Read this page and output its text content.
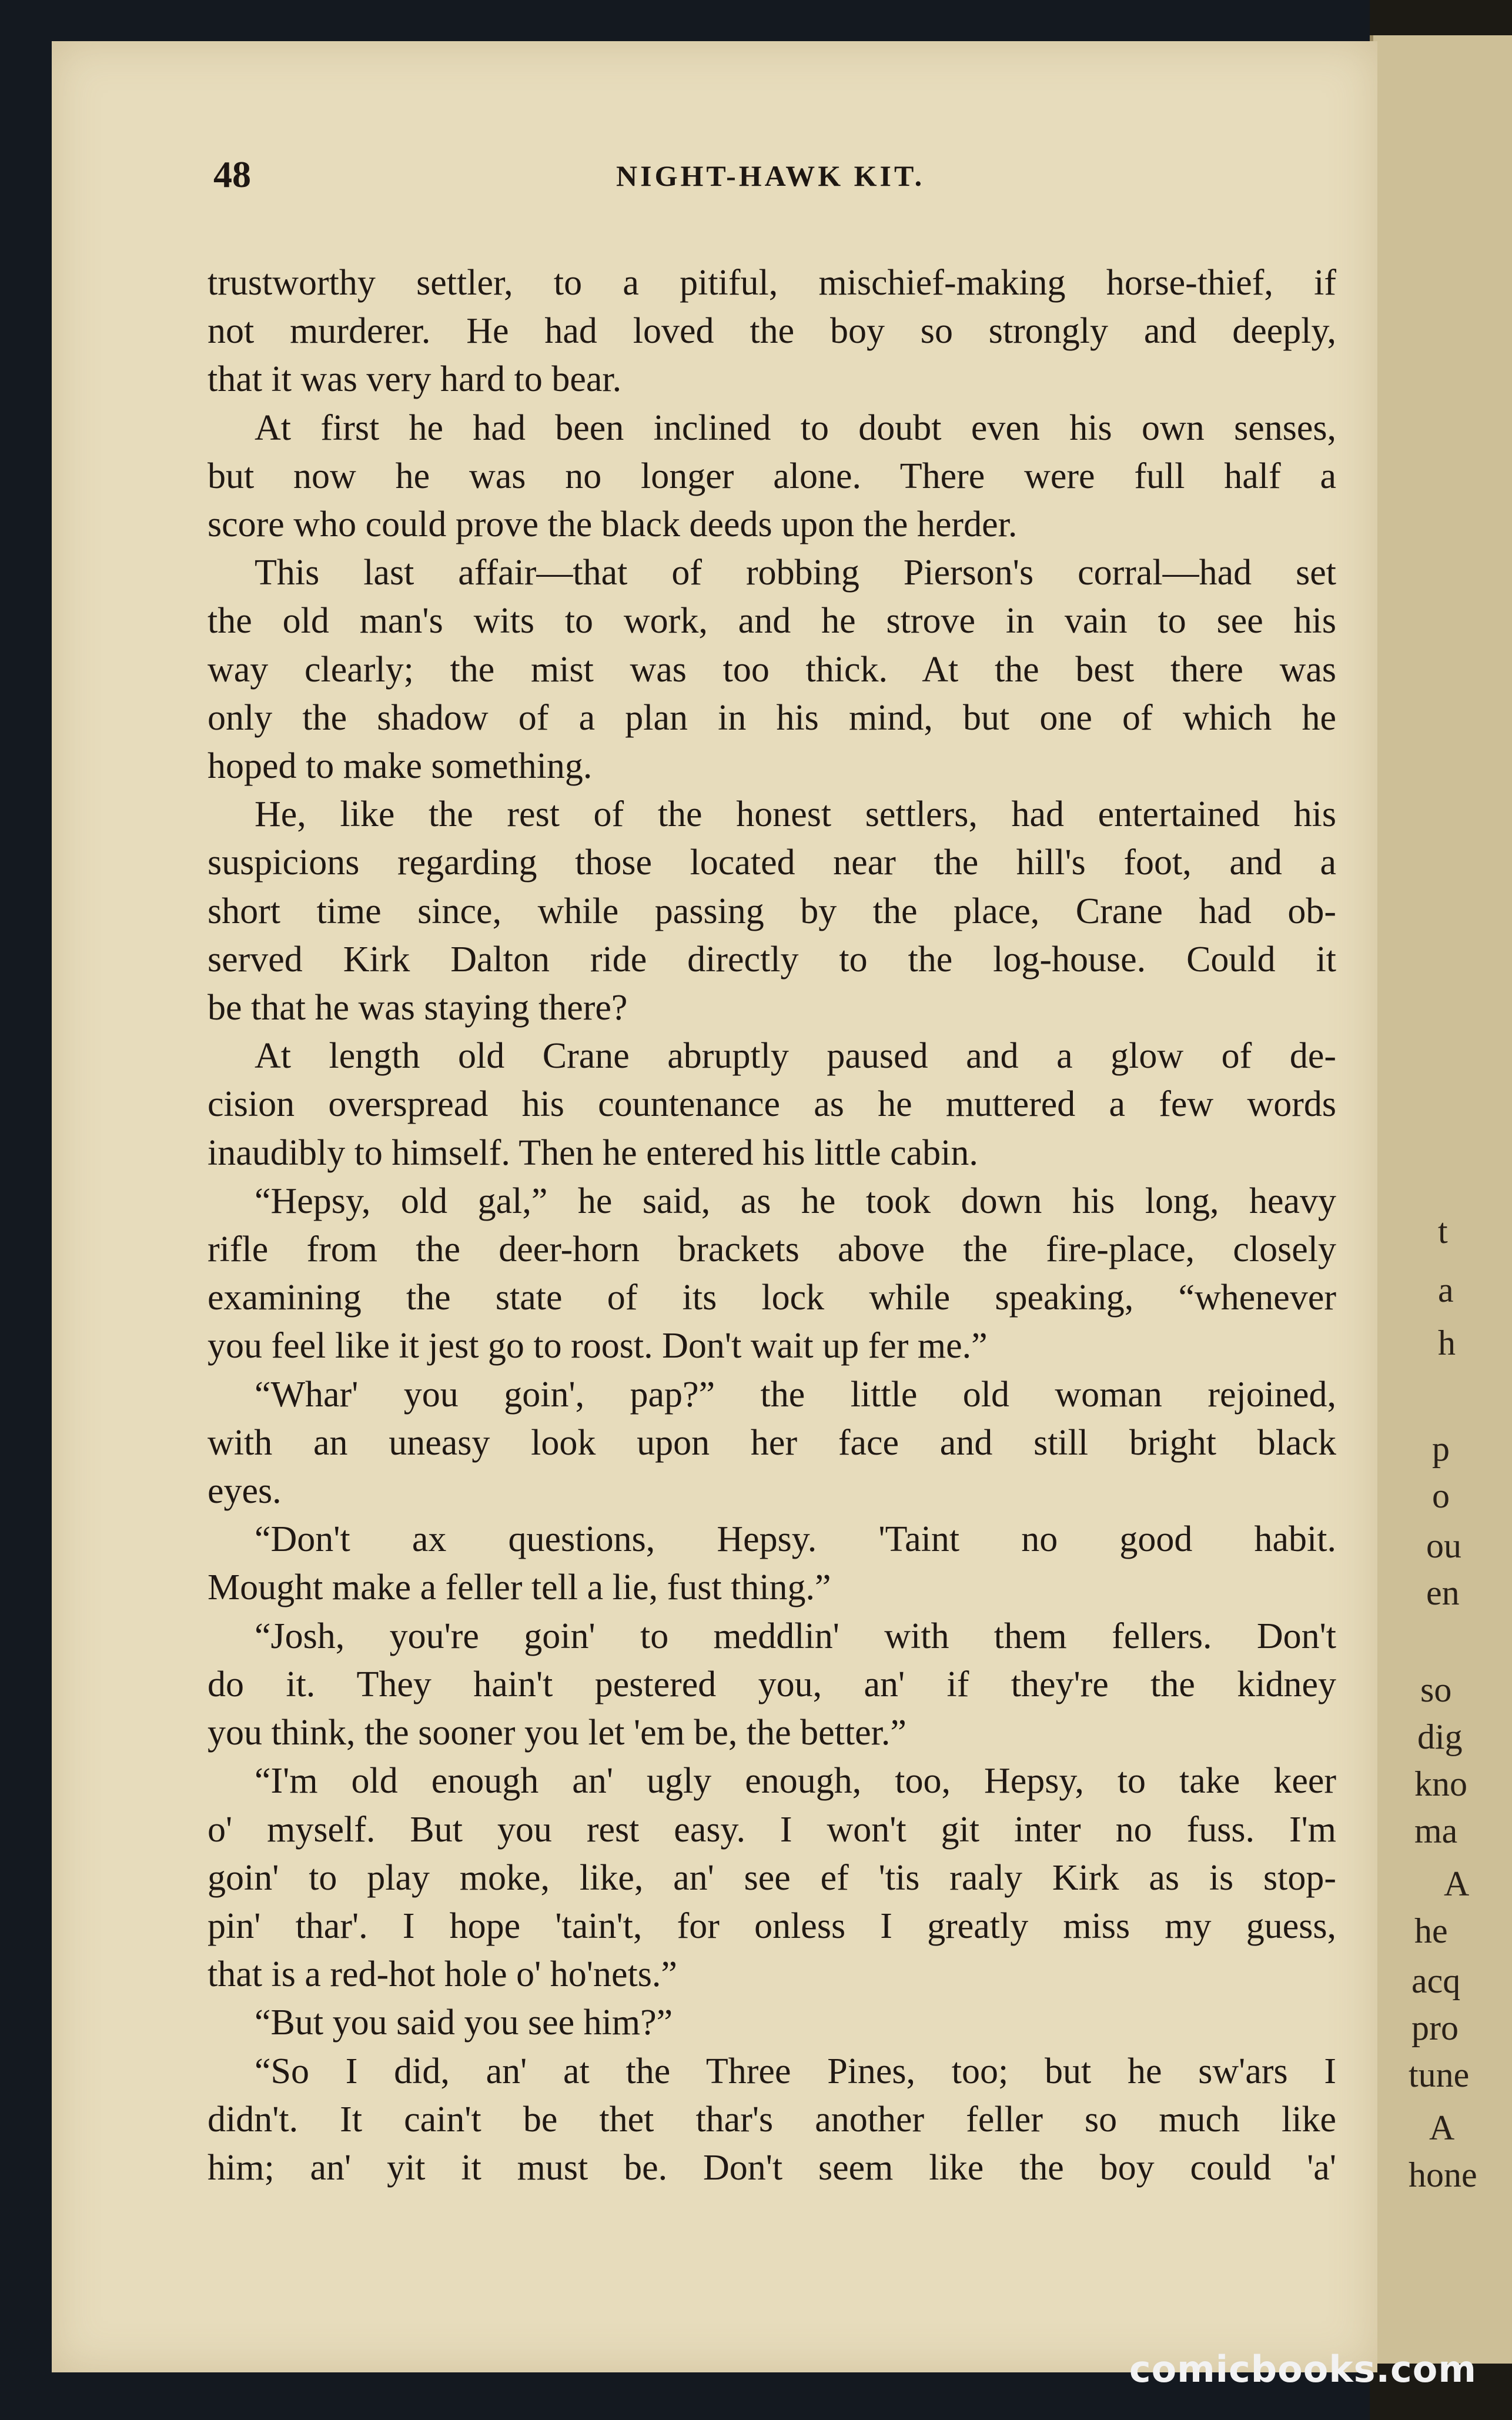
t
a
h
p
o
ou
en
so
dig
kno
ma
A
he
acq
pro
tune
A
hone
48	NIGHT-HAWK KIT.
trustworthy settler, to a pitiful, mischief-making horse-thief, if
not murderer. He had loved the boy so strongly and deeply,
that it was very hard to bear.
At first he had been inclined to doubt even his own senses,
but now he was no longer alone. There were full half a
score who could prove the black deeds upon the herder.
This last affair—that of robbing Pierson's corral—had set
the old man's wits to work, and he strove in vain to see his
way clearly; the mist was too thick. At the best there was
only the shadow of a plan in his mind, but one of which he
hoped to make something.
He, like the rest of the honest settlers, had entertained his
suspicions regarding those located near the hill's foot, and a
short time since, while passing by the place, Crane had ob-
served Kirk Dalton ride directly to the log-house. Could it
be that he was staying there?
At length old Crane abruptly paused and a glow of de-
cision overspread his countenance as he muttered a few words
inaudibly to himself. Then he entered his little cabin.
“Hepsy, old gal,” he said, as he took down his long, heavy
rifle from the deer-horn brackets above the fire-place, closely
examining the state of its lock while speaking, “whenever
you feel like it jest go to roost. Don't wait up fer me.”
“Whar' you goin', pap?” the little old woman rejoined,
with an uneasy look upon her face and still bright black
eyes.
“Don't ax questions, Hepsy. 'Taint no good habit.
Mought make a feller tell a lie, fust thing.”
“Josh, you're goin' to meddlin' with them fellers. Don't
do it. They hain't pestered you, an' if they're the kidney
you think, the sooner you let 'em be, the better.”
“I'm old enough an' ugly enough, too, Hepsy, to take keer
o' myself. But you rest easy. I won't git inter no fuss. I'm
goin' to play moke, like, an' see ef 'tis raaly Kirk as is stop-
pin' thar'. I hope 'tain't, for onless I greatly miss my guess,
that is a red-hot hole o' ho'nets.”
“But you said you see him?”
“So I did, an' at the Three Pines, too; but he sw'ars I
didn't. It cain't be thet thar's another feller so much like
him; an' yit it must be. Don't seem like the boy could 'a'
comicbooks.com
